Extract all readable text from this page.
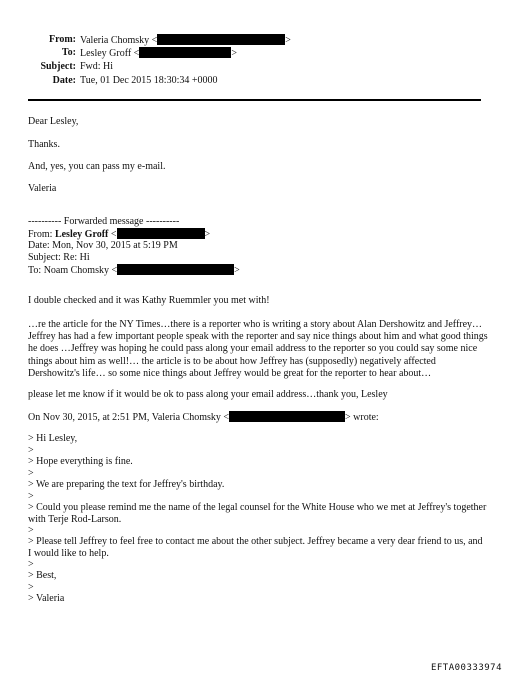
From: Valeria Chomsky <	>
To: Lesley Groff <	>
Subject: Fwd: Hi
Date: Tue, 01 Dec 2015 18:30:34 +0000
Dear Lesley,
Thanks.
And, yes, you can pass my e-mail.
Valeria
---------- Forwarded message ----------
From: Lesley Groff <	>
Date: Mon, Nov 30, 2015 at 5:19 PM
Subject: Re: Hi
To: Noam Chomsky <	>
I double checked and it was Kathy Ruemmler you met with!
…re the article for the NY Times…there is a reporter who is writing a story about Alan Dershowitz and Jeffrey…Jeffrey has had a few important people speak with the reporter and say nice things about him and what good things he does …Jeffrey was hoping he could pass along your email address to the reporter so you could say some nice things about him as well!… the article is to be about how Jeffrey has (supposedly) negatively affected Dershowitz's life… so some nice things about Jeffrey would be great for the reporter to hear about…
please let me know if it would be ok to pass along your email address…thank you, Lesley
On Nov 30, 2015, at 2:51 PM, Valeria Chomsky <	> wrote:
> Hi Lesley,
>
> Hope everything is fine.
>
> We are preparing the text for Jeffrey's birthday.
>
> Could you please remind me the name of the legal counsel for the White House who we met at Jeffrey's together with Terje Rod-Larson.
>
> Please tell Jeffrey to feel free to contact me about the other subject. Jeffrey became a very dear friend to us, and I would like to help.
>
> Best,
>
> Valeria
EFTA00333974
